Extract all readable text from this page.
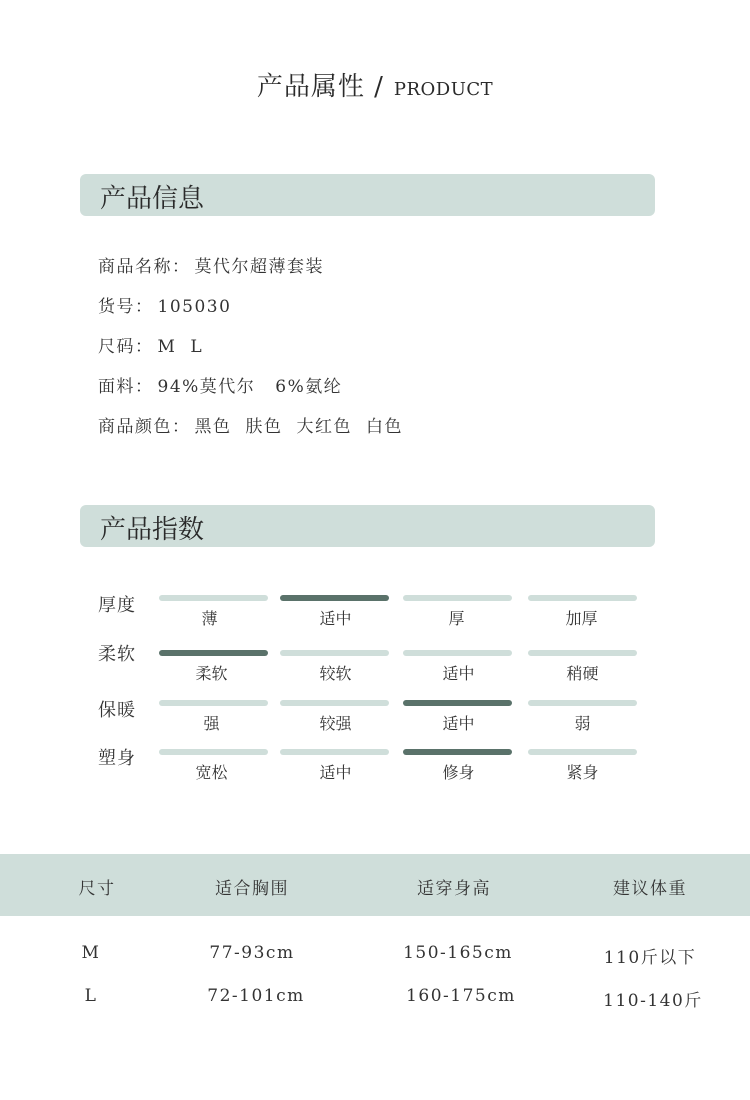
产品属性 / PRODUCT
产品信息
商品名称： 莫代尔超薄套装
货号： 105030
尺码： M L
面料： 94%莫代尔 6%氨纶
商品颜色： 黑色 肤色 大红色 白色
产品指数
厚度
薄	适中	厚	加厚
柔软
柔软	较软	适中	稍硬
保暖
强	较强	适中	弱
塑身
宽松	适中	修身	紧身
尺寸	适合胸围	适穿身高	建议体重
M	77-93cm	150-165cm	110斤以下
L	72-101cm	160-175cm	110-140斤
